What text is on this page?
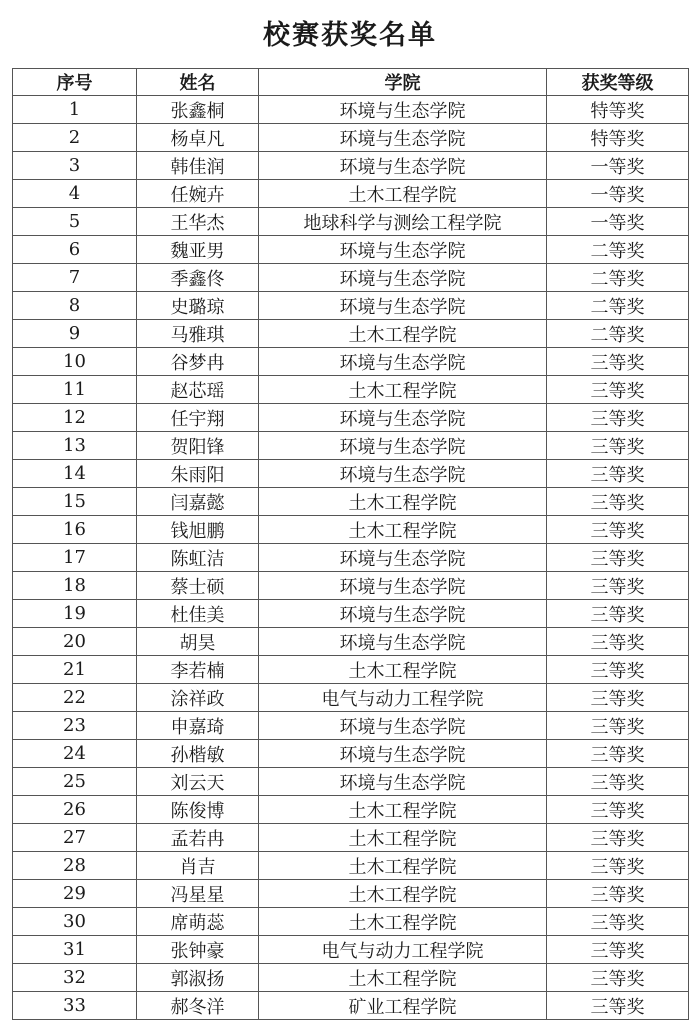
校赛获奖名单
序号	姓名	学院	获奖等级
1	张鑫桐	环境与生态学院	特等奖
2	杨卓凡	环境与生态学院	特等奖
3	韩佳润	环境与生态学院	一等奖
4	任婉卉	土木工程学院	一等奖
5	王华杰	地球科学与测绘工程学院	一等奖
6	魏亚男	环境与生态学院	二等奖
7	季鑫佟	环境与生态学院	二等奖
8	史璐琼	环境与生态学院	二等奖
9	马雅琪	土木工程学院	二等奖
10	谷梦冉	环境与生态学院	三等奖
11	赵芯瑶	土木工程学院	三等奖
12	任宇翔	环境与生态学院	三等奖
13	贺阳锋	环境与生态学院	三等奖
14	朱雨阳	环境与生态学院	三等奖
15	闫嘉懿	土木工程学院	三等奖
16	钱旭鹏	土木工程学院	三等奖
17	陈虹洁	环境与生态学院	三等奖
18	蔡士硕	环境与生态学院	三等奖
19	杜佳美	环境与生态学院	三等奖
20	胡昊	环境与生态学院	三等奖
21	李若楠	土木工程学院	三等奖
22	涂祥政	电气与动力工程学院	三等奖
23	申嘉琦	环境与生态学院	三等奖
24	孙楷敏	环境与生态学院	三等奖
25	刘云天	环境与生态学院	三等奖
26	陈俊博	土木工程学院	三等奖
27	孟若冉	土木工程学院	三等奖
28	肖吉	土木工程学院	三等奖
29	冯星星	土木工程学院	三等奖
30	席萌蕊	土木工程学院	三等奖
31	张钟豪	电气与动力工程学院	三等奖
32	郭淑扬	土木工程学院	三等奖
33	郝冬洋	矿业工程学院	三等奖
